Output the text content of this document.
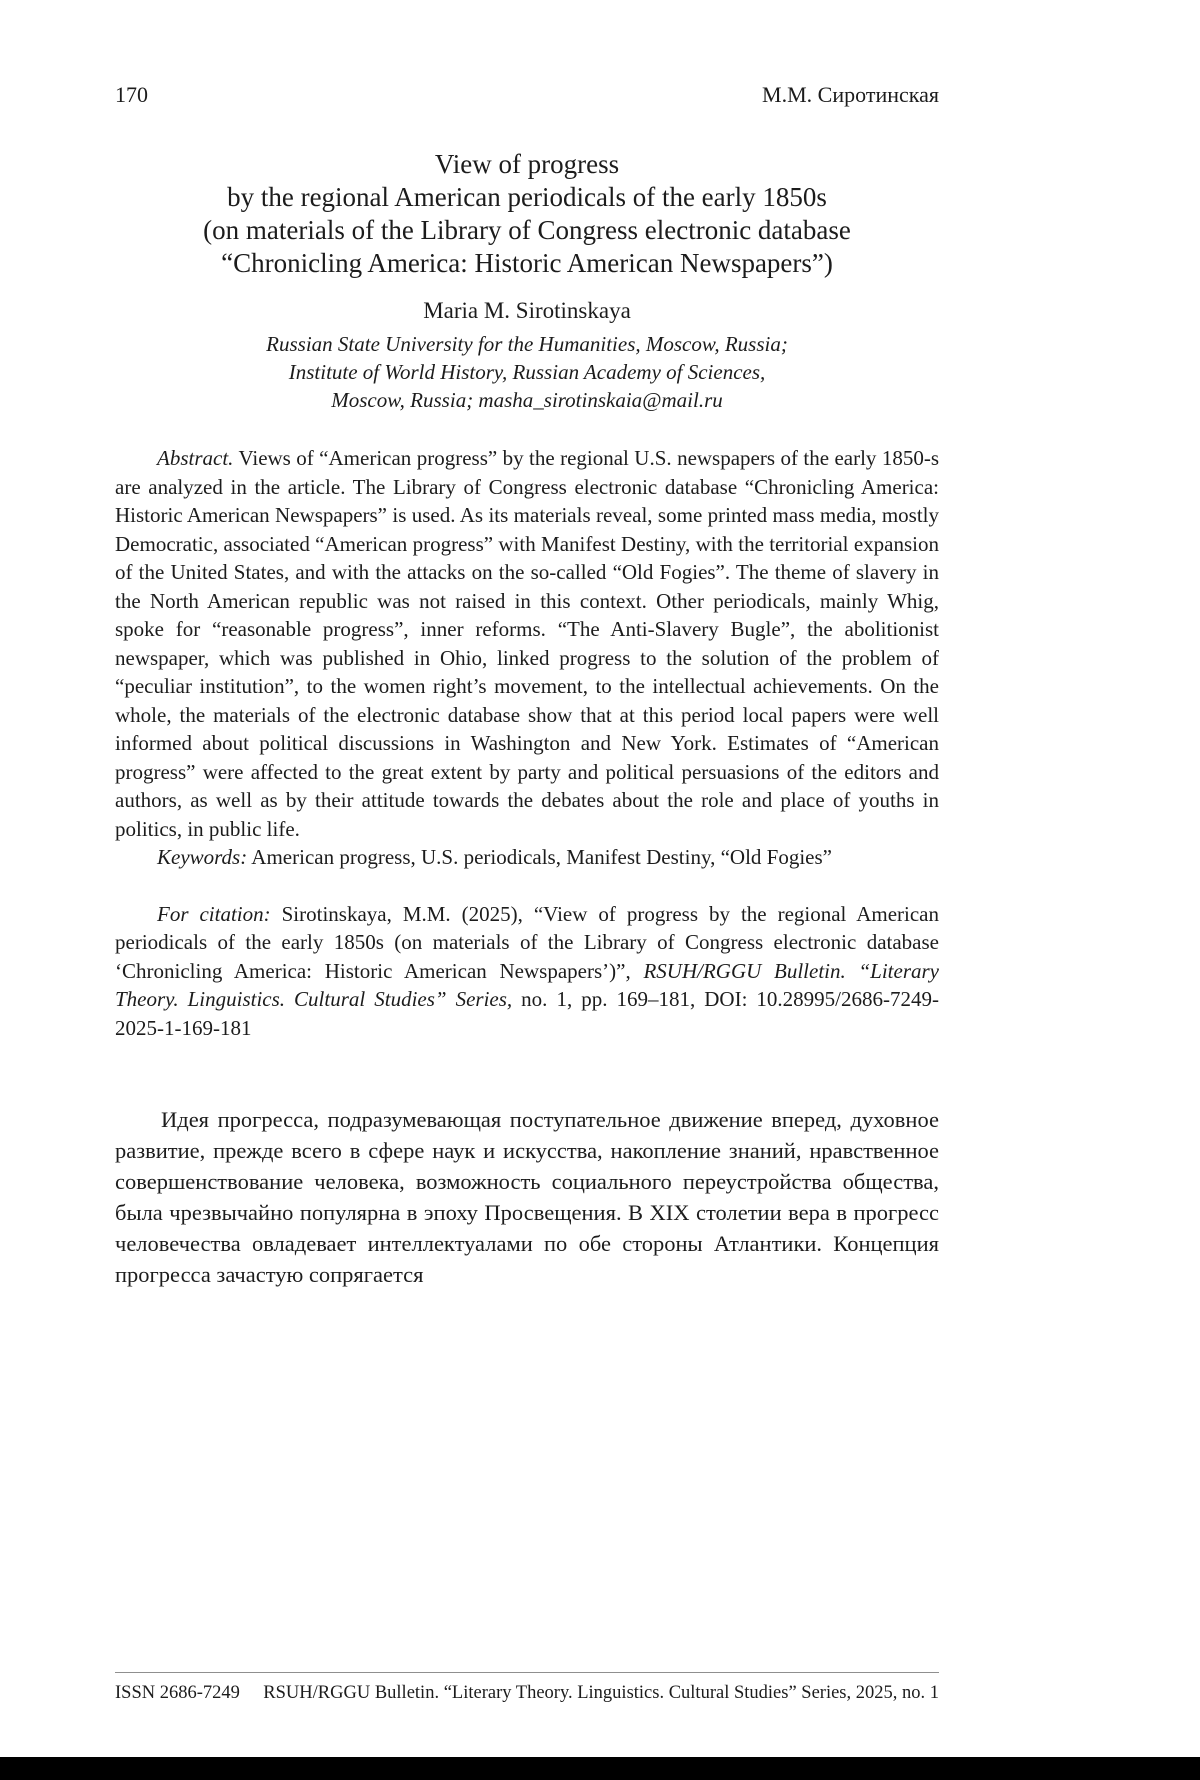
170	М.М. Сиротинская
View of progress
by the regional American periodicals of the early 1850s
(on materials of the Library of Congress electronic database
“Chronicling America: Historic American Newspapers”)
Maria M. Sirotinskaya
Russian State University for the Humanities, Moscow, Russia;
Institute of World History, Russian Academy of Sciences,
Moscow, Russia; masha_sirotinskaia@mail.ru

Abstract. Views of “American progress” by the regional U.S. newspapers of the early 1850-s are analyzed in the article. The Library of Congress electronic database “Chronicling America: Historic American Newspapers” is used. As its materials reveal, some printed mass media, mostly Democratic, associated “American progress” with Manifest Destiny, with the territorial expansion of the United States, and with the attacks on the so-called “Old Fogies”. The theme of slavery in the North American republic was not raised in this context. Other periodicals, mainly Whig, spoke for “reasonable progress”, inner reforms. “The Anti-Slavery Bugle”, the abolitionist newspaper, which was published in Ohio, linked progress to the solution of the problem of “peculiar institution”, to the women right’s movement, to the intellectual achievements. On the whole, the materials of the electronic database show that at this period local papers were well informed about political discussions in Washington and New York. Estimates of “American progress” were affected to the great extent by party and political persuasions of the editors and authors, as well as by their attitude towards the debates about the role and place of youths in politics, in public life.

Keywords: American progress, U.S. periodicals, Manifest Destiny, “Old Fogies”

For citation: Sirotinskaya, M.M. (2025), “View of progress by the regional American periodicals of the early 1850s (on materials of the Library of Congress electronic database ‘Chronicling America: Historic American Newspapers’)”, RSUH/RGGU Bulletin. “Literary Theory. Linguistics. Cultural Studies” Series, no. 1, pp. 169–181, DOI: 10.28995/2686-7249-2025-1-169-181

Идея прогресса, подразумевающая поступательное движение вперед, духовное развитие, прежде всего в сфере наук и искусства, накопление знаний, нравственное совершенствование человека, возможность социального переустройства общества, была чрезвычайно популярна в эпоху Просвещения. В XIX столетии вера в прогресс человечества овладевает интеллектуалами по обе стороны Атлантики. Концепция прогресса зачастую сопрягается

ISSN 2686-7249 RSUH/RGGU Bulletin. “Literary Theory. Linguistics. Cultural Studies” Series, 2025, no. 1
